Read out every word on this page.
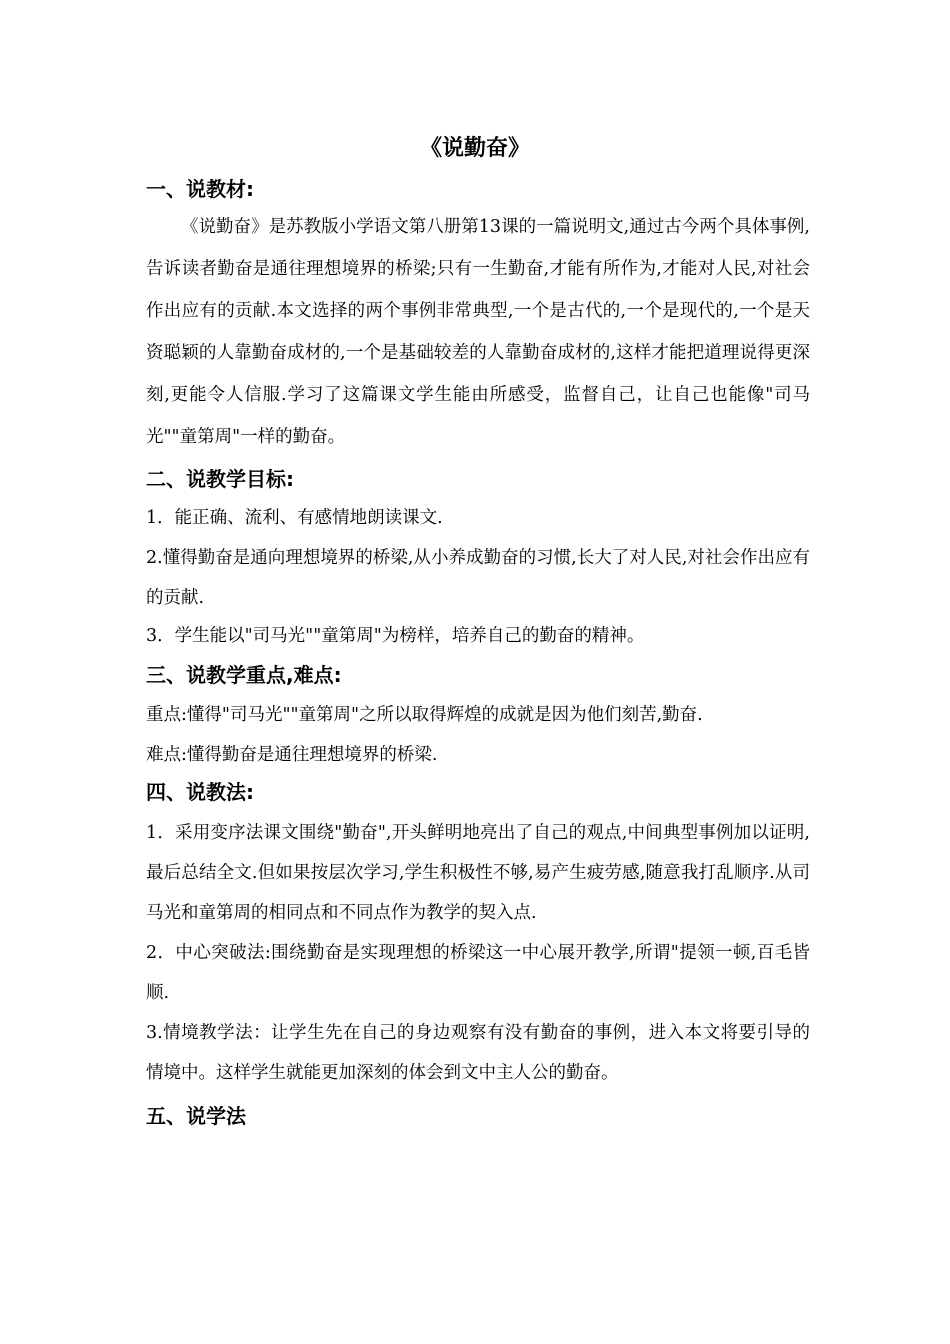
《说勤奋》
一、说教材:
《说勤奋》是苏教版小学语文第八册第13课的一篇说明文,通过古今两个具体事例,告诉读者勤奋是通往理想境界的桥梁;只有一生勤奋,才能有所作为,才能对人民,对社会作出应有的贡献.本文选择的两个事例非常典型,一个是古代的,一个是现代的,一个是天资聪颖的人靠勤奋成材的,一个是基础较差的人靠勤奋成材的,这样才能把道理说得更深刻,更能令人信服.学习了这篇课文学生能由所感受，监督自己，让自己也能像"司马光""童第周"一样的勤奋。
二、说教学目标:
1．能正确、流利、有感情地朗读课文.
2.懂得勤奋是通向理想境界的桥梁,从小养成勤奋的习惯,长大了对人民,对社会作出应有的贡献.
3．学生能以"司马光""童第周"为榜样，培养自己的勤奋的精神。
三、说教学重点,难点:
重点:懂得"司马光""童第周"之所以取得辉煌的成就是因为他们刻苦,勤奋.
难点:懂得勤奋是通往理想境界的桥梁.
四、说教法:
1．采用变序法课文围绕"勤奋",开头鲜明地亮出了自己的观点,中间典型事例加以证明,最后总结全文.但如果按层次学习,学生积极性不够,易产生疲劳感,随意我打乱顺序.从司马光和童第周的相同点和不同点作为教学的契入点.
2．中心突破法:围绕勤奋是实现理想的桥梁这一中心展开教学,所谓"提领一顿,百毛皆顺.
3.情境教学法：让学生先在自己的身边观察有没有勤奋的事例，进入本文将要引导的情境中。这样学生就能更加深刻的体会到文中主人公的勤奋。
五、说学法
